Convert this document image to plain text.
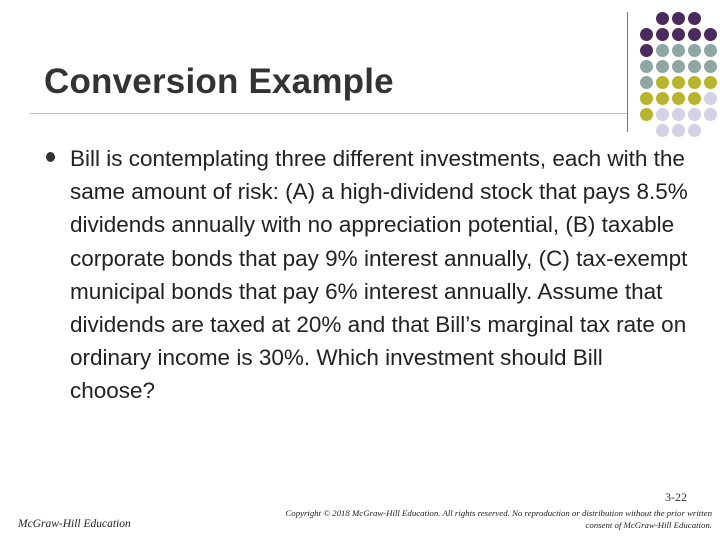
Conversion Example

Bill is contemplating three different investments, each with the same amount of risk: (A) a high-dividend stock that pays 8.5% dividends annually with no appreciation potential, (B) taxable corporate bonds that pay 9% interest annually, (C) tax-exempt municipal bonds that pay 6% interest annually. Assume that dividends are taxed at 20% and that Bill’s marginal tax rate on ordinary income is 30%. Which investment should Bill choose?

3-22
McGraw-Hill Education
Copyright © 2018 McGraw-Hill Education. All rights reserved. No reproduction or distribution without the prior written
consent of McGraw-Hill Education.
